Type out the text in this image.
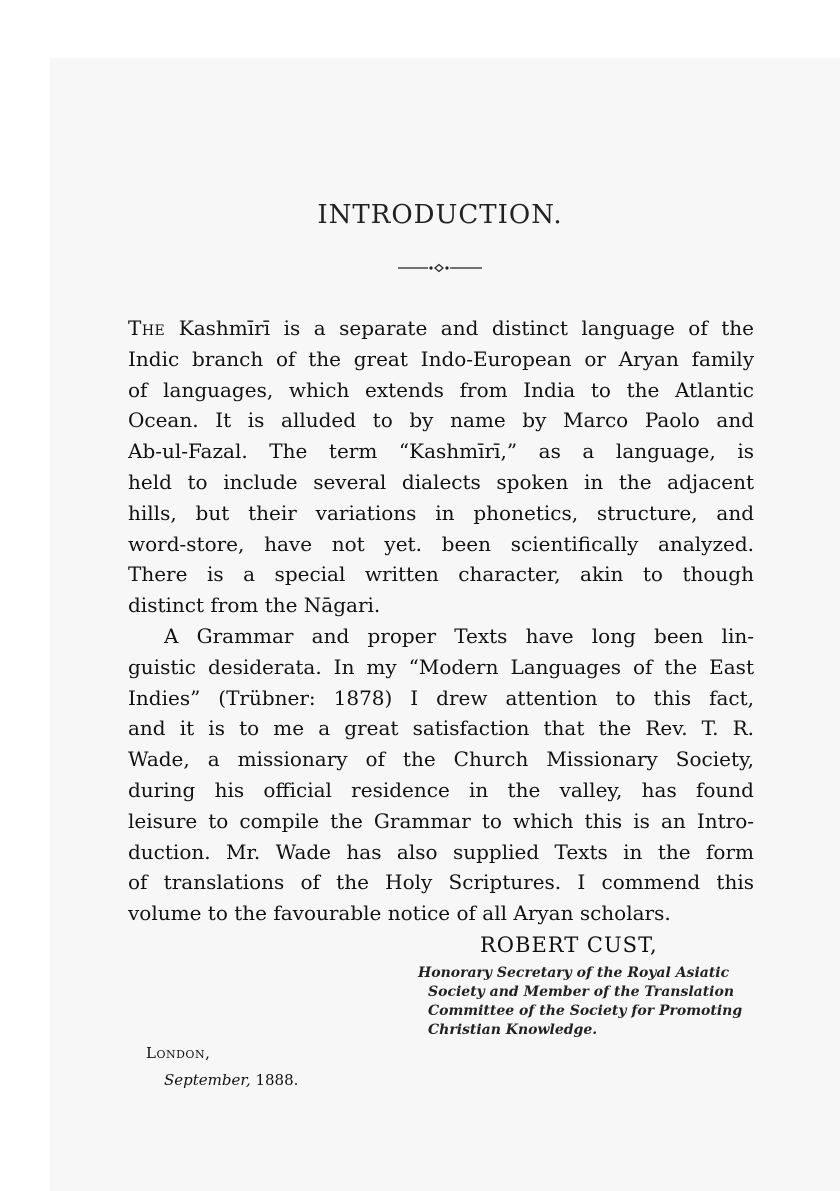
INTRODUCTION.
The Kashmīrī is a separate and distinct language of the
Indic branch of the great Indo-European or Aryan family
of languages, which extends from India to the Atlantic
Ocean. It is alluded to by name by Marco Paolo and
Ab-ul-Fazal. The term “Kashmīrī,” as a language, is
held to include several dialects spoken in the adjacent
hills, but their variations in phonetics, structure, and
word-store, have not yet. been scientifically analyzed.
There is a special written character, akin to though
distinct from the Nāgari.
A Grammar and proper Texts have long been lin-
guistic desiderata. In my “Modern Languages of the East
Indies” (Trübner: 1878) I drew attention to this fact,
and it is to me a great satisfaction that the Rev. T. R.
Wade, a missionary of the Church Missionary Society,
during his official residence in the valley, has found
leisure to compile the Grammar to which this is an Intro-
duction. Mr. Wade has also supplied Texts in the form
of translations of the Holy Scriptures. I commend this
volume to the favourable notice of all Aryan scholars.
ROBERT CUST,
Honorary Secretary of the Royal Asiatic
Society and Member of the Translation
Committee of the Society for Promoting
Christian Knowledge.
London,
September, 1888.
